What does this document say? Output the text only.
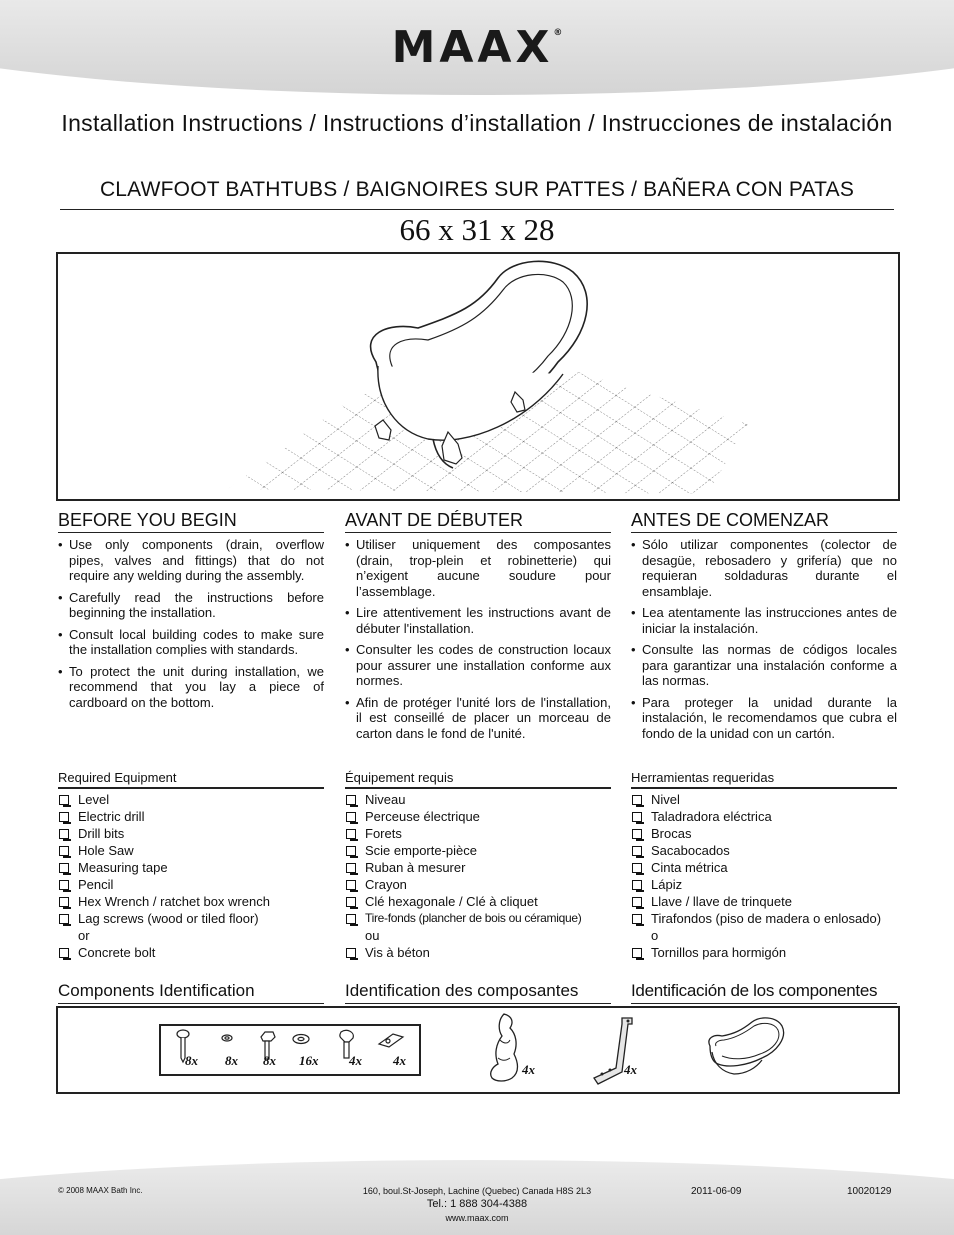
MAAX®
Installation Instructions / Instructions d’installation / Instrucciones de instalación
CLAWFOOT BATHTUBS / BAIGNOIRES SUR PATTES / BAÑERA CON PATAS
66 x 31 x 28
BEFORE YOU BEGIN
• Use only components (drain, overflow pipes, valves and fittings) that do not require any welding during the assembly.
• Carefully read the instructions before beginning the installation.
• Consult local building codes to make sure the installation complies with standards.
• To protect the unit during installation, we recommend that you lay a piece of cardboard on the bottom.
AVANT DE DÉBUTER
• Utiliser uniquement des composantes (drain, trop-plein et robinetterie) qui n’exigent aucune soudure pour l’assemblage.
• Lire attentivement les instructions avant de débuter l'installation.
• Consulter les codes de construction locaux pour assurer une installation conforme aux normes.
• Afin de protéger l'unité lors de l'installation, il est conseillé de placer un morceau de carton dans le fond de l'unité.
ANTES DE COMENZAR
• Sólo utilizar componentes (colector de desagüe, rebosadero y grifería) que no requieran soldaduras durante el ensamblaje.
• Lea atentamente las instrucciones antes de iniciar la instalación.
• Consulte las normas de códigos locales para garantizar una instalación conforme a las normas.
• Para proteger la unidad durante la instalación, le recomendamos que cubra el fondo de la unidad con un cartón.
Required Equipment
Level
Electric drill
Drill bits
Hole Saw
Measuring tape
Pencil
Hex Wrench / ratchet box wrench
Lag screws (wood or tiled floor)
or
Concrete bolt
Équipement requis
Niveau
Perceuse électrique
Forets
Scie emporte-pièce
Ruban à mesurer
Crayon
Clé hexagonale / Clé à cliquet
Tire-fonds (plancher de bois ou céramique)
ou
Vis à béton
Herramientas requeridas
Nivel
Taladradora eléctrica
Brocas
Sacabocados
Cinta métrica
Lápiz
Llave / llave de trinquete
Tirafondos (piso de madera o enlosado)
o
Tornillos para hormigón
Components Identification	Identification des composantes	Identificación de los componentes
8x 8x 8x 16x 4x 4x
4x	4x
© 2008 MAAX Bath Inc.	160, boul.St-Joseph, Lachine (Quebec) Canada H8S 2L3
Tel.: 1 888 304-4388
www.maax.com
2011-06-09	10020129
